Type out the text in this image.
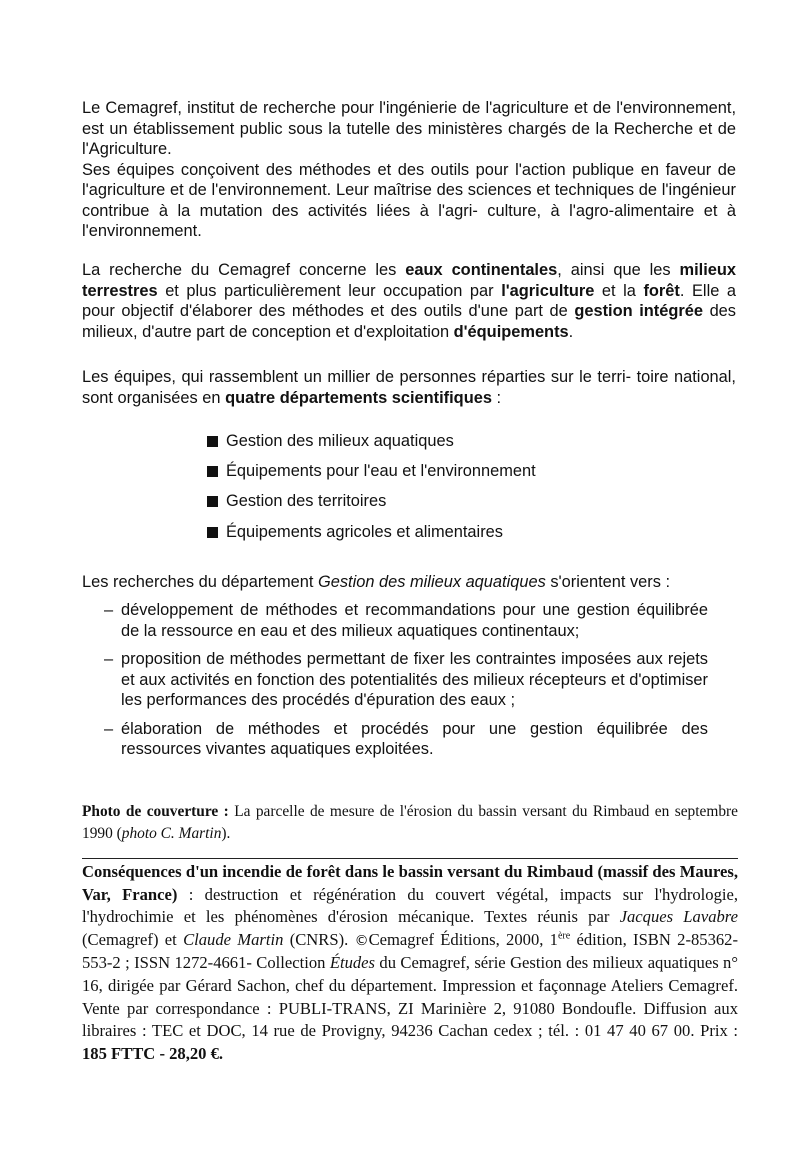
Le Cemagref, institut de recherche pour l'ingénierie de l'agriculture et de l'environnement, est un établissement public sous la tutelle des ministères chargés de la Recherche et de l'Agriculture.

Ses équipes conçoivent des méthodes et des outils pour l'action publique en faveur de l'agriculture et de l'environnement. Leur maîtrise des sciences et techniques de l'ingénieur contribue à la mutation des activités liées à l'agri- culture, à l'agro-alimentaire et à l'environnement.

La recherche du Cemagref concerne les eaux continentales, ainsi que les milieux terrestres et plus particulièrement leur occupation par l'agriculture et la forêt. Elle a pour objectif d'élaborer des méthodes et des outils d'une part de gestion intégrée des milieux, d'autre part de conception et d'exploitation d'équipements.

Les équipes, qui rassemblent un millier de personnes réparties sur le terri- toire national, sont organisées en quatre départements scientifiques :

Gestion des milieux aquatiques
Équipements pour l'eau et l'environnement
Gestion des territoires
Équipements agricoles et alimentaires

Les recherches du département Gestion des milieux aquatiques s'orientent vers :

– développement de méthodes et recommandations pour une gestion équilibrée de la ressource en eau et des milieux aquatiques continentaux;
– proposition de méthodes permettant de fixer les contraintes imposées aux rejets et aux activités en fonction des potentialités des milieux récepteurs et d'optimiser les performances des procédés d'épuration des eaux ;
– élaboration de méthodes et procédés pour une gestion équilibrée des ressources vivantes aquatiques exploitées.
Photo de couverture : La parcelle de mesure de l'érosion du bassin versant du Rimbaud en septembre 1990 (photo C. Martin).
Conséquences d'un incendie de forêt dans le bassin versant du Rimbaud (massif des Maures, Var, France) : destruction et régénération du couvert végétal, impacts sur l'hydrologie, l'hydrochimie et les phénomènes d'érosion mécanique. Textes réunis par Jacques Lavabre (Cemagref) et Claude Martin (CNRS). ©Cemagref Éditions, 2000, 1ère édition, ISBN 2-85362-553-2 ; ISSN 1272-4661- Collection Études du Cemagref, série Gestion des milieux aquatiques n° 16, dirigée par Gérard Sachon, chef du département. Impression et façonnage Ateliers Cemagref. Vente par correspondance : PUBLI-TRANS, ZI Marinière 2, 91080 Bondoufle. Diffusion aux libraires : TEC et DOC, 14 rue de Provigny, 94236 Cachan cedex ; tél. : 01 47 40 67 00. Prix : 185 FTTC - 28,20 €.
